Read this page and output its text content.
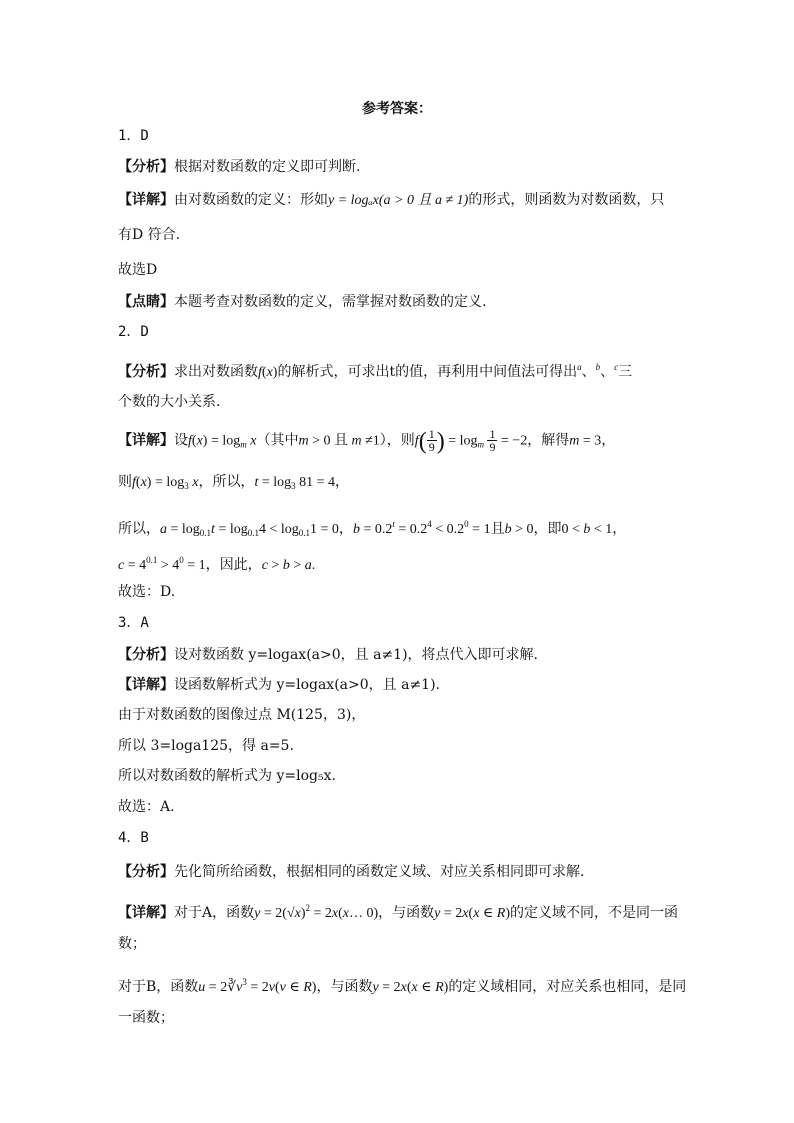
参考答案：
1．D
【分析】根据对数函数的定义即可判断.
【详解】由对数函数的定义：形如y = logₐx(a > 0 且 a ≠ 1)的形式，则函数为对数函数，只
有D 符合.
故选D
【点睛】本题考查对数函数的定义，需掌握对数函数的定义.
2．D
【分析】求出对数函数f(x)的解析式，可求出t的值，再利用中间值法可得出$^a$、$^b$、$^c$三
个数的大小关系.
【详解】设$f(x) = \log_m x$（其中m > 0 且 m ≠1），则$f( \frac{1}{9}$ ) = $\log_m \frac{1}{9} = -2$，解得m = 3，
则$f(x) = \log_3 x$，所以，$t = \log_3 81 = 4$，
所以，$a = \log_{0.1}t = \log_{0.1}4 < \log_{0.1}1 = 0$，$b = 0.2^t = 0.2^4 < 0.2^0 = 1$且b > 0，即0 < b < 1，
$c = 4^{0.1} > 4^0 = 1$，因此，c > b > a.
故选：D.
3．A
【分析】设对数函数 y=logax(a>0，且 a≠1)，将点代入即可求解.
【详解】设函数解析式为 y=logax(a>0，且 a≠1).
由于对数函数的图像过点 M(125，3)，
所以 3=loga125，得 a=5.
所以对数函数的解析式为 y=log₅x.
故选：A.
4．B
【分析】先化简所给函数，根据相同的函数定义域、对应关系相同即可求解.
【详解】对于A，函数$y = 2(√x)^2$ = 2x(x… 0)，与函数y = 2x(x ∈ R)的定义域不同，不是同一函
数；
对于B，函数$u = 2∛v^3 = 2v(v$ ∈ R)，与函数y = 2x(x ∈ R)的定义域相同，对应关系也相同，是同
一函数；
